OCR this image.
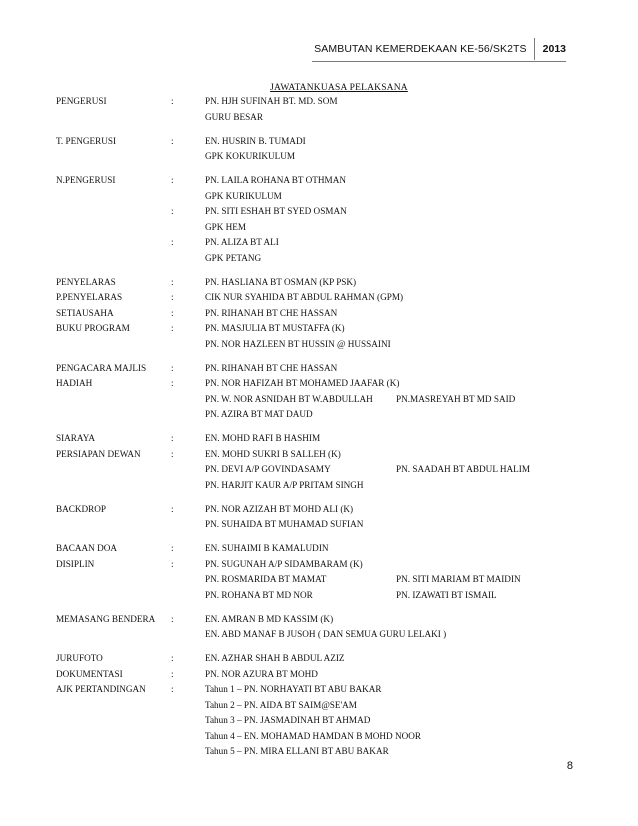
SAMBUTAN KEMERDEKAAN KE-56/SK2TS	2013
JAWATANKUASA PELAKSANA
PENGERUSI	:	PN. HJH SUFINAH BT. MD. SOM
GURU BESAR
T. PENGERUSI	:	EN. HUSRIN B. TUMADI
GPK KOKURIKULUM
N.PENGERUSI	:	PN. LAILA ROHANA BT OTHMAN
GPK KURIKULUM
:	PN. SITI ESHAH BT SYED OSMAN
GPK HEM
:	PN. ALIZA BT ALI
GPK PETANG
PENYELARAS	:	PN. HASLIANA BT OSMAN (KP PSK)
P.PENYELARAS	:	CIK NUR SYAHIDA BT ABDUL RAHMAN (GPM)
SETIAUSAHA	:	PN. RIHANAH BT CHE HASSAN
BUKU PROGRAM	:	PN. MASJULIA BT MUSTAFFA (K)
PN. NOR HAZLEEN BT HUSSIN @ HUSSAINI
PENGACARA MAJLIS	:	PN. RIHANAH BT CHE HASSAN
HADIAH	:	PN. NOR HAFIZAH BT MOHAMED JAAFAR (K)
PN. W. NOR ASNIDAH BT W.ABDULLAH	PN.MASREYAH BT MD SAID
PN. AZIRA BT MAT DAUD
SIARAYA	:	EN. MOHD RAFI B HASHIM
PERSIAPAN DEWAN	:	EN. MOHD SUKRI B SALLEH (K)
PN. DEVI A/P GOVINDASAMY	PN. SAADAH BT ABDUL HALIM
PN. HARJIT KAUR A/P PRITAM SINGH
BACKDROP	:	PN. NOR AZIZAH BT MOHD ALI (K)
PN. SUHAIDA BT MUHAMAD SUFIAN
BACAAN DOA	:	EN. SUHAIMI B KAMALUDIN
DISIPLIN	:	PN. SUGUNAH A/P SIDAMBARAM (K)
PN. ROSMARIDA BT MAMAT	PN. SITI MARIAM BT MAIDIN
PN. ROHANA BT MD NOR	PN. IZAWATI BT ISMAIL
MEMASANG BENDERA :	EN. AMRAN B MD KASSIM (K)
EN. ABD MANAF B JUSOH ( DAN SEMUA GURU LELAKI )
JURUFOTO	:	EN. AZHAR SHAH B ABDUL AZIZ
DOKUMENTASI	:	PN. NOR AZURA BT MOHD
AJK PERTANDINGAN	:	Tahun 1 – PN. NORHAYATI BT ABU BAKAR
Tahun 2 – PN. AIDA BT SAIM@SE'AM
Tahun 3 – PN. JASMADINAH BT AHMAD
Tahun 4 – EN. MOHAMAD HAMDAN B MOHD NOOR
Tahun 5 – PN. MIRA ELLANI BT ABU BAKAR
8
